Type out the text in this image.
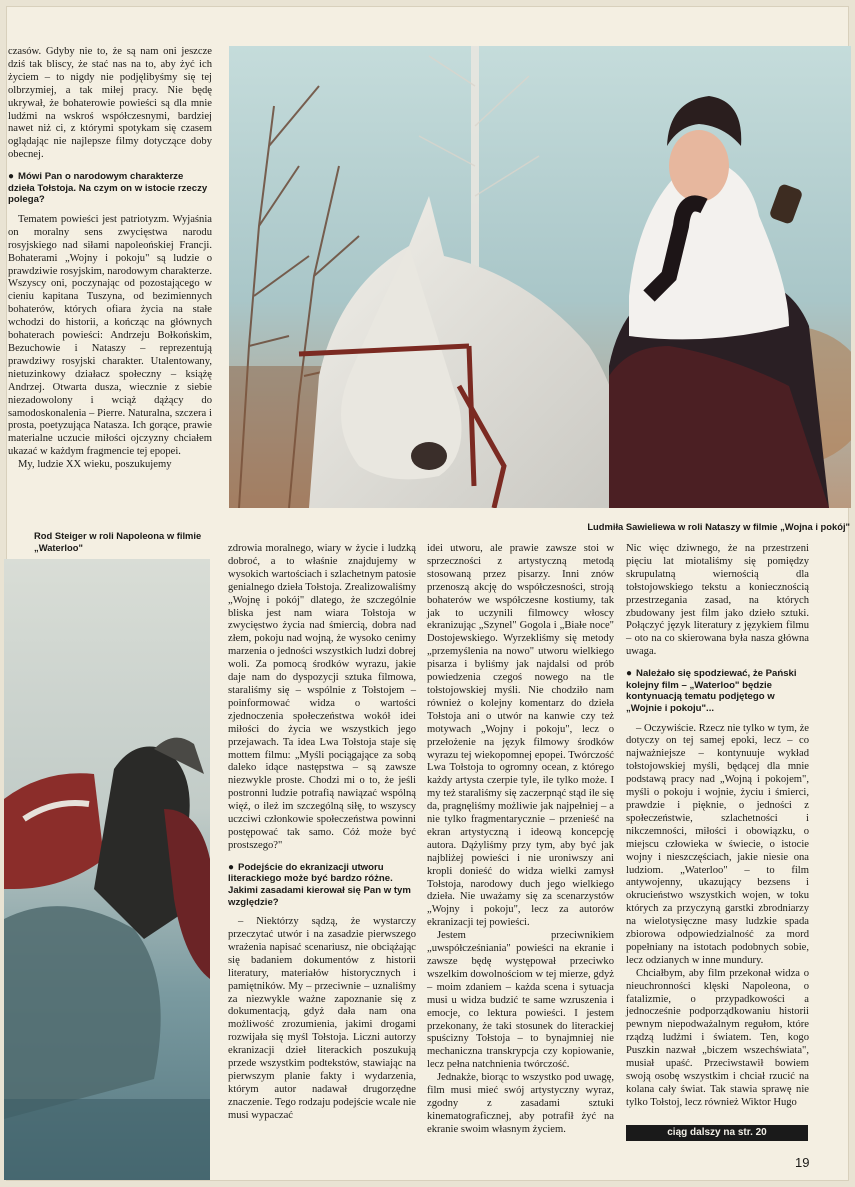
czasów. Gdyby nie to, że są nam oni jeszcze dziś tak bliscy, że stać nas na to, aby żyć ich życiem – to nigdy nie podjęlibyśmy się tej olbrzymiej, a tak miłej pracy. Nie będę ukrywał, że bohaterowie powieści są dla mnie ludźmi na wskroś współczesnymi, bardziej nawet niż ci, z którymi spotykam się czasem oglądając nie najlepsze filmy dotyczące doby obecnej.

● Mówi Pan o narodowym charakterze dzieła Tołstoja. Na czym on w istocie rzeczy polega?

Tematem powieści jest patriotyzm. Wyjaśnia on moralny sens zwycięstwa narodu rosyjskiego nad siłami napoleońskiej Francji. Bohaterami „Wojny i pokoju" są ludzie o prawdziwie rosyjskim, narodowym charakterze. Wszyscy oni, poczynając od pozostającego w cieniu kapitana Tuszyna, od bezimiennych bohaterów, których ofiara życia na stałe wchodzi do historii, a kończąc na głównych bohaterach powieści: Andrzeju Bołkońskim, Bezuchowie i Nataszy – reprezentują prawdziwy rosyjski charakter. Utalentowany, nietuzinkowy działacz społeczny – książę Andrzej. Otwarta dusza, wiecznie z siebie niezadowolony i wciąż dążący do samodoskonalenia – Pierre. Naturalna, szczera i prosta, poetyzująca Natasza. Ich gorące, prawie materialne uczucie miłości ojczyzny chciałem ukazać w każdym fragmencie tej epopei.

My, ludzie XX wieku, poszukujemy

Rod Steiger w roli Napoleona w filmie „Waterloo"
Ludmiła Sawieliewa w roli Nataszy w filmie „Wojna i pokój"

zdrowia moralnego, wiary w życie i ludzką dobroć, a to właśnie znajdujemy w wysokich wartościach i szlachetnym patosie genialnego dzieła Tołstoja. Zrealizowaliśmy „Wojnę i pokój" dlatego, że szczególnie bliska jest nam wiara Tołstoja w zwycięstwo życia nad śmiercią, dobra nad złem, pokoju nad wojną, że wysoko cenimy marzenia o jedności wszystkich ludzi dobrej woli. Za pomocą środków wyrazu, jakie daje nam do dyspozycji sztuka filmowa, staraliśmy się – wspólnie z Tołstojem – poinformować widza o wartości zjednoczenia społeczeństwa wokół idei miłości do życia we wszystkich jego przejawach. Ta idea Lwa Tołstoja staje się mottem filmu: „Myśli pociągające za sobą daleko idące następstwa – są zawsze niezwykle proste. Chodzi mi o to, że jeśli postronni ludzie potrafią nawiązać wspólną więź, o ileż im szczególną siłę, to wszyscy uczciwi członkowie społeczeństwa powinni postępować tak samo. Cóż może być prostszego?"

● Podejście do ekranizacji utworu literackiego może być bardzo różne. Jakimi zasadami kierował się Pan w tym względzie?

– Niektórzy sądzą, że wystarczy przeczytać utwór i na zasadzie pierwszego wrażenia napisać scenariusz, nie obciążając się badaniem dokumentów z historii literatury, materiałów historycznych i pamiętników. My – przeciwnie – uznaliśmy za niezwykle ważne zapoznanie się z dokumentacją, gdyż dała nam ona możliwość zrozumienia, jakimi drogami rozwijała się myśl Tołstoja. Liczni autorzy ekranizacji dzieł literackich poszukują przede wszystkim podtekstów, stawiając na pierwszym planie fakty i wydarzenia, którym autor nadawał drugorzędne znaczenie. Tego rodzaju podejście wcale nie musi wypaczać

idei utworu, ale prawie zawsze stoi w sprzeczności z artystyczną metodą stosowaną przez pisarzy. Inni znów przenoszą akcję do współczesności, stroją bohaterów we współczesne kostiumy, tak jak to uczynili filmowcy włoscy ekranizując „Szynel" Gogola i „Białe noce" Dostojewskiego. Wyrzekliśmy się metody „przemyślenia na nowo" utworu wielkiego pisarza i byliśmy jak najdalsi od prób powiedzenia czegoś nowego na tle tołstojowskiej myśli. Nie chodziło nam również o kolejny komentarz do dzieła Tołstoja ani o utwór na kanwie czy też motywach „Wojny i pokoju", lecz o przełożenie na język filmowy środków wyrazu tej wiekopomnej epopei. Twórczość Lwa Tołstoja to ogromny ocean, z którego każdy artysta czerpie tyle, ile tylko może. I my też staraliśmy się zaczerpnąć stąd ile się da, pragnęliśmy możliwie jak najpełniej – a nie tylko fragmentarycznie – przenieść na ekran artystyczną i ideową koncepcję autora. Dążyliśmy przy tym, aby być jak najbliżej powieści i nie uroniwszy ani kropli donieść do widza wielki zamysł Tołstoja, narodowy duch jego wielkiego dzieła. Nie uważamy się za scenarzystów „Wojny i pokoju", lecz za autorów ekranizacji tej powieści.

Jestem przeciwnikiem „uwspółcześniania" powieści na ekranie i zawsze będę występował przeciwko wszelkim dowolnościom w tej mierze, gdyż – moim zdaniem – każda scena i sytuacja musi u widza budzić te same wzruszenia i emocje, co lektura powieści. I jestem przekonany, że taki stosunek do literackiej spuścizny Tołstoja – to bynajmniej nie mechaniczna transkrypcja czy kopiowanie, lecz pełna natchnienia twórczość.

Jednakże, biorąc to wszystko pod uwagę, film musi mieć swój artystyczny wyraz, zgodny z zasadami sztuki kinematograficznej, aby potrafił żyć na ekranie swoim własnym życiem.

Nic więc dziwnego, że na przestrzeni pięciu lat miotaliśmy się pomiędzy skrupulatną wiernością dla tołstojowskiego tekstu a koniecznością przestrzegania zasad, na których zbudowany jest film jako dzieło sztuki. Połączyć język literatury z językiem filmu – oto na co skierowana była nasza główna uwaga.

● Należało się spodziewać, że Pański kolejny film – „Waterloo" będzie kontynuacją tematu podjętego w „Wojnie i pokoju"...

– Oczywiście. Rzecz nie tylko w tym, że dotyczy on tej samej epoki, lecz – co najważniejsze – kontynuuje wykład tołstojowskiej myśli, będącej dla mnie podstawą pracy nad „Wojną i pokojem", myśli o pokoju i wojnie, życiu i śmierci, prawdzie i pięknie, o jedności z społeczeństwie, szlachetności i nikczemności, miłości i obowiązku, o miejscu człowieka w świecie, o istocie wojny i nieszczęściach, jakie niesie ona ludziom. „Waterloo" – to film antywojenny, ukazujący bezsens i okrucieństwo wszystkich wojen, w toku których za przyczyną garstki zbrodniarzy na wielotysięczne masy ludzkie spada zbiorowa odpowiedzialność za mord popełniany na istotach podobnych sobie, lecz odzianych w inne mundury.

Chciałbym, aby film przekonał widza o nieuchronności klęski Napoleona, o fatalizmie, o przypadkowości a jednocześnie podporządkowaniu historii pewnym niepodważalnym regułom, które rządzą ludźmi i światem. Ten, kogo Puszkin nazwał „biczem wszechświata", musiał upaść. Przeciwstawił bowiem swoją osobę wszystkim i chciał rzucić na kolana cały świat. Tak stawia sprawę nie tylko Tołstoj, lecz również Wiktor Hugo

ciąg dalszy na str. 20
19
